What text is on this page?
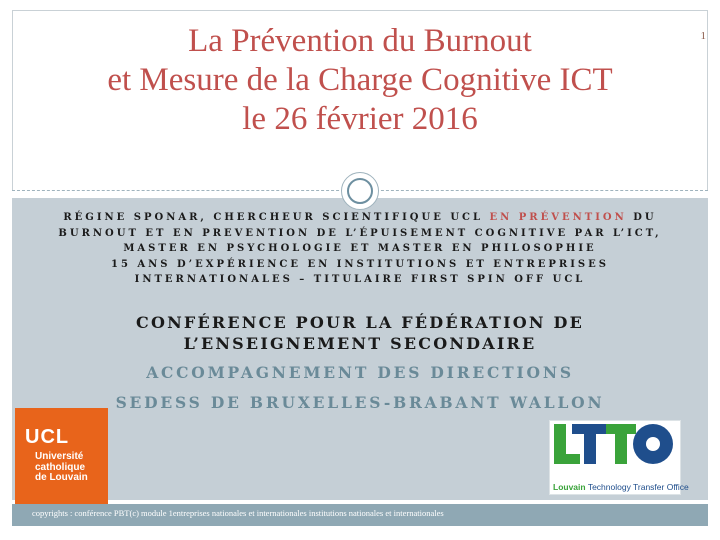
La Prévention du Burnout
et Mesure de la Charge Cognitive ICT
le 26 février 2016
1
RÉGINE SPONAR, CHERCHEUR SCIENTIFIQUE UCL EN PRÉVENTION DU
BURNOUT ET EN PREVENTION DE L’ÉPUISEMENT COGNITIVE PAR L’ICT,
MASTER EN PSYCHOLOGIE ET MASTER EN PHILOSOPHIE
15 ANS D’EXPÉRIENCE EN INSTITUTIONS ET ENTREPRISES
INTERNATIONALES – TITULAIRE FIRST SPIN OFF UCL
CONFÉRENCE POUR LA FÉDÉRATION DE
L’ENSEIGNEMENT SECONDAIRE
ACCOMPAGNEMENT DES DIRECTIONS
SEDESS DE BRUXELLES-BRABANT WALLON
UCL
Université
catholique
de Louvain
Louvain Technology Transfer Office
copyrights : conférence PBT(c) module 1entreprises nationales et internationales institutions nationales et internationales
